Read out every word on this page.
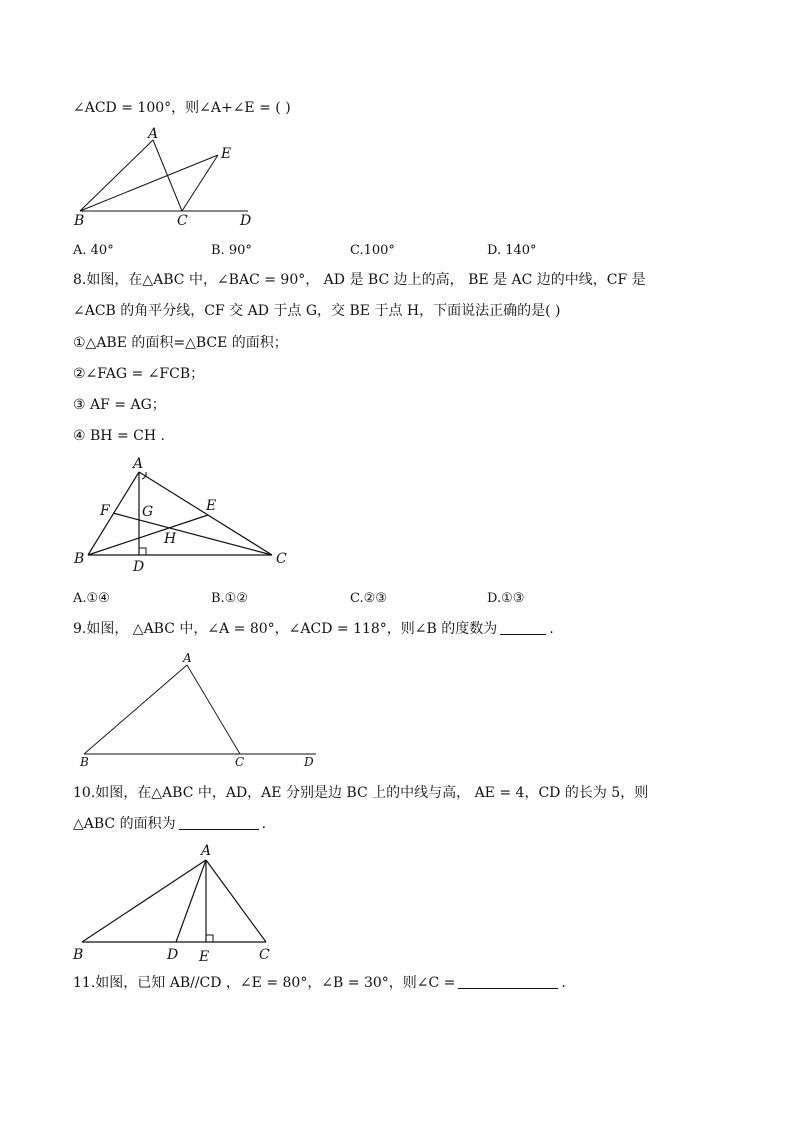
∠ACD = 100°，则∠A+∠E = ( )
A
E
B	C	D
A. 40°	B. 90°	C.100°	D. 140°
8.如图，在△ABC 中，∠BAC = 90°， AD 是 BC 边上的高， BE 是 AC 边的中线，CF 是
∠ACB 的角平分线，CF 交 AD 于点 G，交 BE 于点 H，下面说法正确的是( )
①△ABE 的面积=△BCE 的面积；
②∠FAG = ∠FCB；
③ AF = AG；
④ BH = CH .
A
F G	E
H
B	D	C
A.①④	B.①②	C.②③	D.①③
9.如图， △ABC 中，∠A = 80°，∠ACD = 118°，则∠B 的度数为	.
A
B	C	D
10.如图，在△ABC 中，AD，AE 分别是边 BC 上的中线与高， AE = 4，CD 的长为 5，则
△ABC 的面积为	.
A
B	D E	C
11.如图，已知 AB//CD ，∠E = 80°，∠B = 30°，则∠C =	.
